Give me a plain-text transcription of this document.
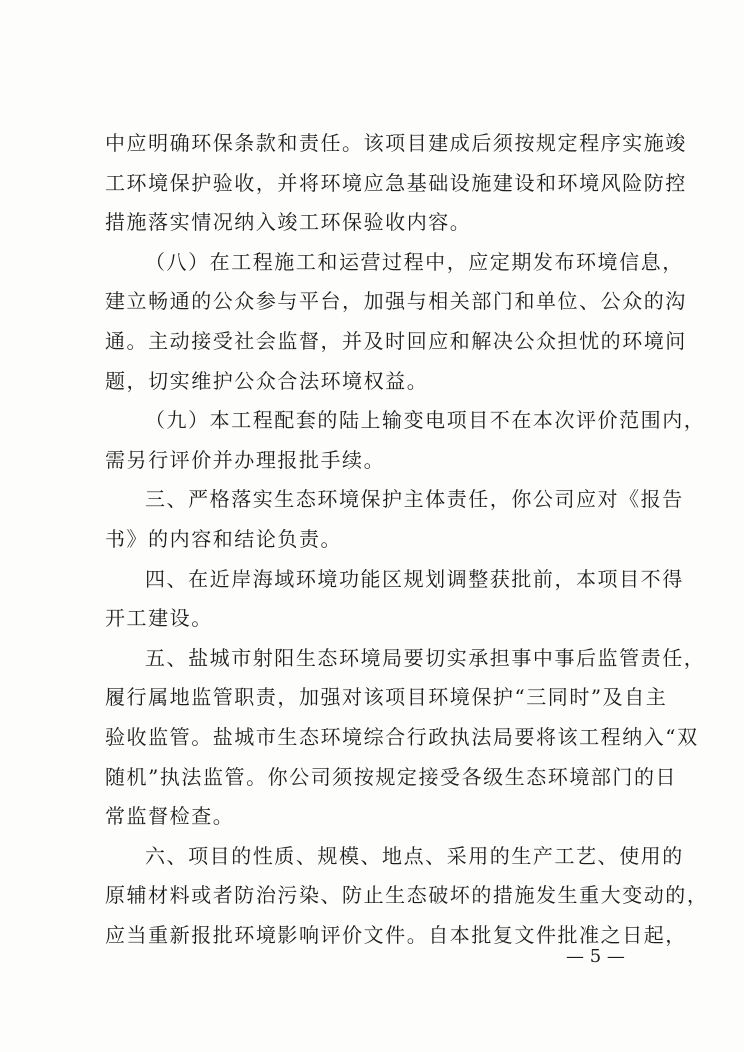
中应明确环保条款和责任。该项目建成后须按规定程序实施竣
工环境保护验收，并将环境应急基础设施建设和环境风险防控
措施落实情况纳入竣工环保验收内容。
（八）在工程施工和运营过程中，应定期发布环境信息，
建立畅通的公众参与平台，加强与相关部门和单位、公众的沟
通。主动接受社会监督，并及时回应和解决公众担忧的环境问
题，切实维护公众合法环境权益。
（九）本工程配套的陆上输变电项目不在本次评价范围内，
需另行评价并办理报批手续。
三、严格落实生态环境保护主体责任，你公司应对《报告
书》的内容和结论负责。
四、在近岸海域环境功能区规划调整获批前，本项目不得
开工建设。
五、盐城市射阳生态环境局要切实承担事中事后监管责任，
履行属地监管职责，加强对该项目环境保护“三同时”及自主
验收监管。盐城市生态环境综合行政执法局要将该工程纳入“双
随机”执法监管。你公司须按规定接受各级生态环境部门的日
常监督检查。
六、项目的性质、规模、地点、采用的生产工艺、使用的
原辅材料或者防治污染、防止生态破坏的措施发生重大变动的，
应当重新报批环境影响评价文件。自本批复文件批准之日起，
— 5 —
